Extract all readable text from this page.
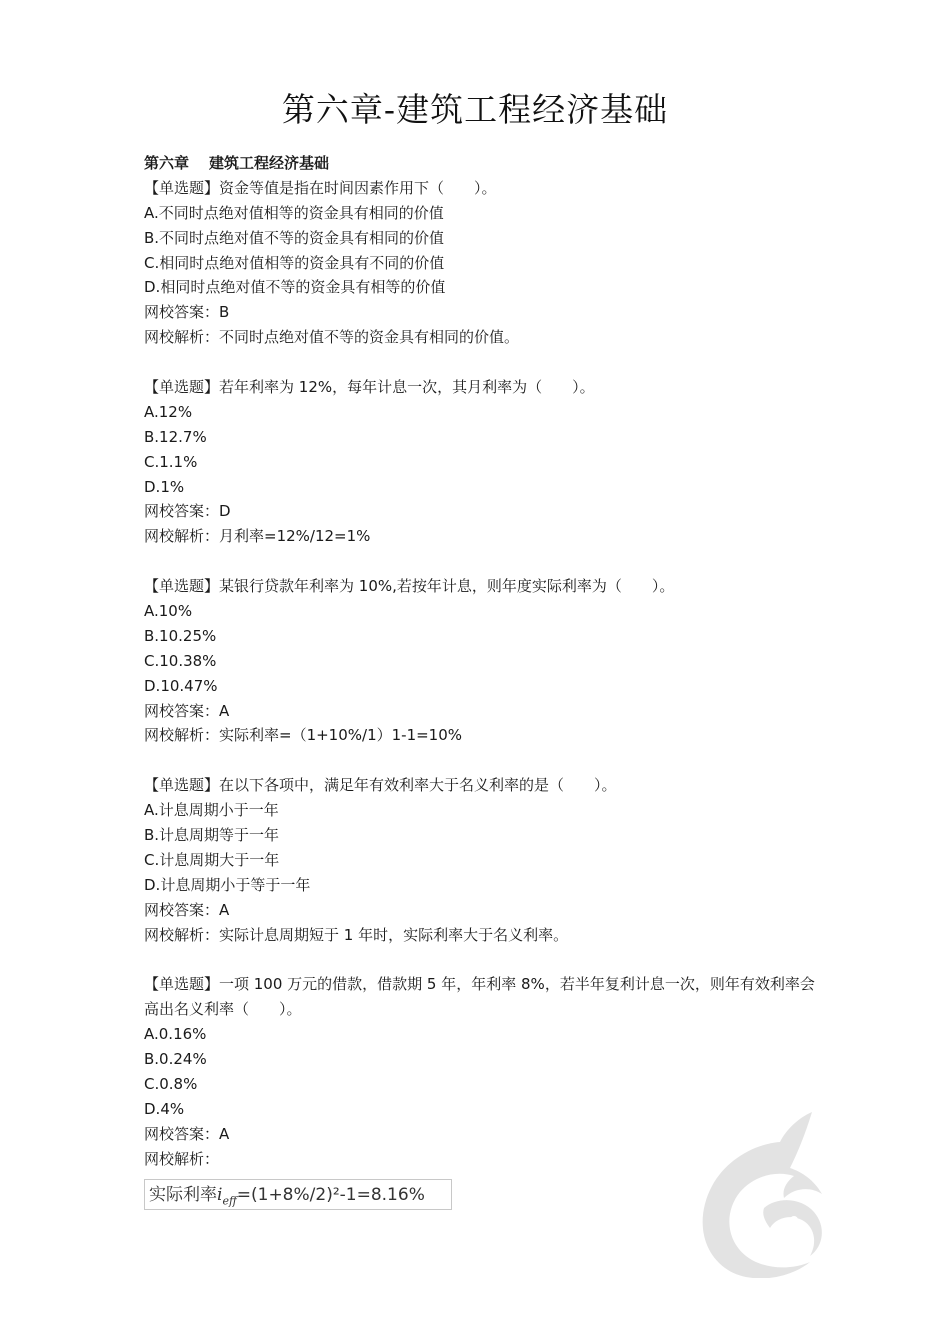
第六章-建筑工程经济基础
第六章 建筑工程经济基础
【单选题】资金等值是指在时间因素作用下（　　）。
A.不同时点绝对值相等的资金具有相同的价值
B.不同时点绝对值不等的资金具有相同的价值
C.相同时点绝对值相等的资金具有不同的价值
D.相同时点绝对值不等的资金具有相等的价值
网校答案：B
网校解析：不同时点绝对值不等的资金具有相同的价值。
【单选题】若年利率为 12%，每年计息一次，其月利率为（　　）。
A.12%
B.12.7%
C.1.1%
D.1%
网校答案：D
网校解析：月利率=12%/12=1%
【单选题】某银行贷款年利率为 10%,若按年计息，则年度实际利率为（　　）。
A.10%
B.10.25%
C.10.38%
D.10.47%
网校答案：A
网校解析：实际利率=（1+10%/1）1-1=10%
【单选题】在以下各项中，满足年有效利率大于名义利率的是（　　）。
A.计息周期小于一年
B.计息周期等于一年
C.计息周期大于一年
D.计息周期小于等于一年
网校答案：A
网校解析：实际计息周期短于 1 年时，实际利率大于名义利率。
【单选题】一项 100 万元的借款，借款期 5 年，年利率 8%，若半年复利计息一次，则年有效利率会高出名义利率（　　）。
A.0.16%
B.0.24%
C.0.8%
D.4%
网校答案：A
网校解析：
实际利率$i_{eff}=(1+8\%/2)^2-1=8.16\%$
